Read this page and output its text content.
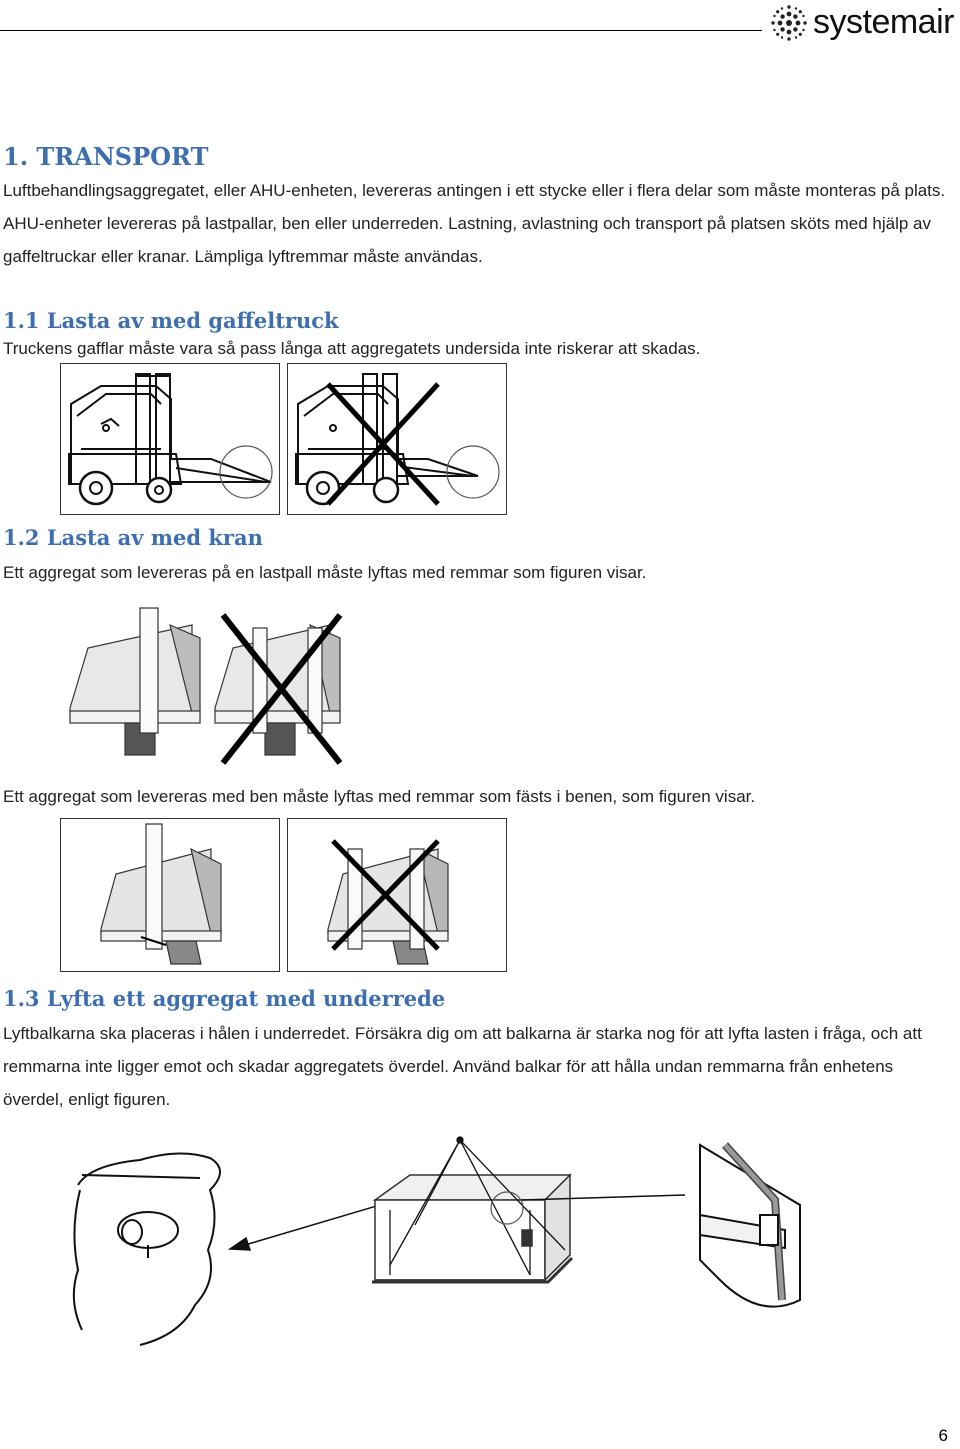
systemair
1. TRANSPORT

Luftbehandlingsaggregatet, eller AHU-enheten, levereras antingen i ett stycke eller i flera delar som måste monteras på plats. AHU-enheter levereras på lastpallar, ben eller underreden. Lastning, avlastning och transport på platsen sköts med hjälp av gaffeltruckar eller kranar. Lämpliga lyftremmar måste användas.

1.1 Lasta av med gaffeltruck

Truckens gafflar måste vara så pass långa att aggregatets undersida inte riskerar att skadas.

1.2 Lasta av med kran

Ett aggregat som levereras på en lastpall måste lyftas med remmar som figuren visar.

Ett aggregat som levereras med ben måste lyftas med remmar som fästs i benen, som figuren visar.

1.3 Lyfta ett aggregat med underrede

Lyftbalkarna ska placeras i hålen i underredet. Försäkra dig om att balkarna är starka nog för att lyfta lasten i fråga, och att remmarna inte ligger emot och skadar aggregatets överdel. Använd balkar för att hålla undan remmarna från enhetens överdel, enligt figuren.

6
